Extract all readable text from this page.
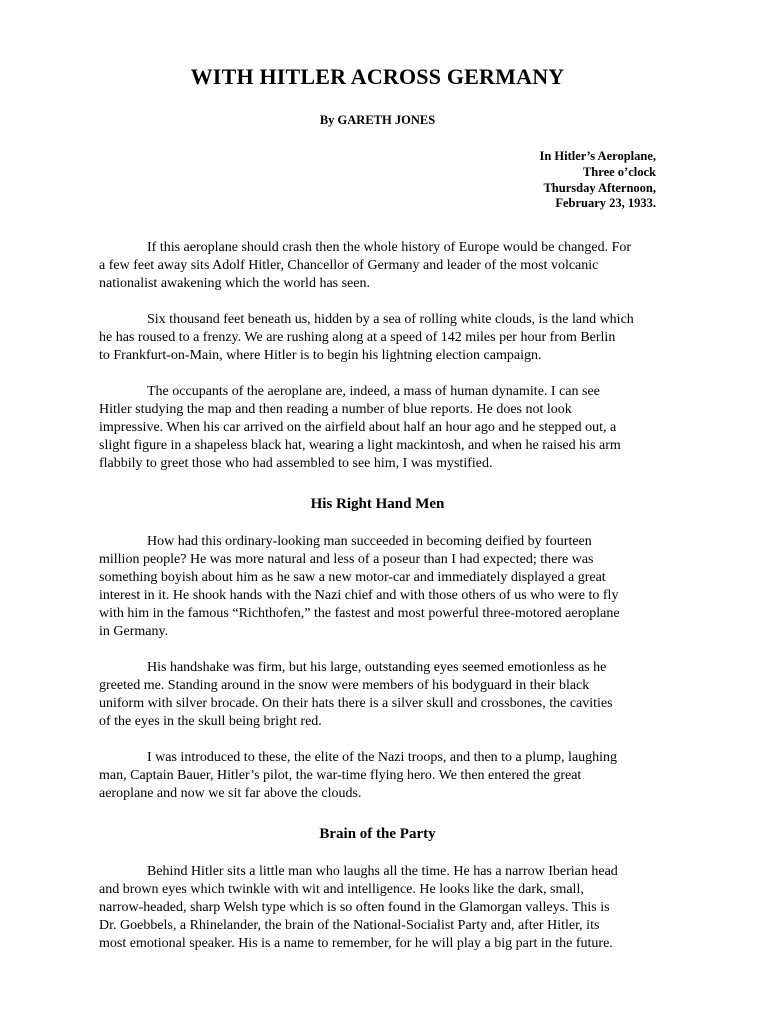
WITH HITLER ACROSS GERMANY
By GARETH JONES
In Hitler’s Aeroplane,
Three o’clock
Thursday Afternoon,
February 23, 1933.

If this aeroplane should crash then the whole history of Europe would be changed. For
a few feet away sits Adolf Hitler, Chancellor of Germany and leader of the most volcanic
nationalist awakening which the world has seen.

Six thousand feet beneath us, hidden by a sea of rolling white clouds, is the land which
he has roused to a frenzy. We are rushing along at a speed of 142 miles per hour from Berlin
to Frankfurt-on-Main, where Hitler is to begin his lightning election campaign.

The occupants of the aeroplane are, indeed, a mass of human dynamite. I can see
Hitler studying the map and then reading a number of blue reports. He does not look
impressive. When his car arrived on the airfield about half an hour ago and he stepped out, a
slight figure in a shapeless black hat, wearing a light mackintosh, and when he raised his arm
flabbily to greet those who had assembled to see him, I was mystified.

His Right Hand Men

How had this ordinary-looking man succeeded in becoming deified by fourteen
million people? He was more natural and less of a poseur than I had expected; there was
something boyish about him as he saw a new motor-car and immediately displayed a great
interest in it. He shook hands with the Nazi chief and with those others of us who were to fly
with him in the famous “Richthofen,” the fastest and most powerful three-motored aeroplane
in Germany.

His handshake was firm, but his large, outstanding eyes seemed emotionless as he
greeted me. Standing around in the snow were members of his bodyguard in their black
uniform with silver brocade. On their hats there is a silver skull and crossbones, the cavities
of the eyes in the skull being bright red.

I was introduced to these, the elite of the Nazi troops, and then to a plump, laughing
man, Captain Bauer, Hitler’s pilot, the war-time flying hero. We then entered the great
aeroplane and now we sit far above the clouds.

Brain of the Party

Behind Hitler sits a little man who laughs all the time. He has a narrow Iberian head
and brown eyes which twinkle with wit and intelligence. He looks like the dark, small,
narrow-headed, sharp Welsh type which is so often found in the Glamorgan valleys. This is
Dr. Goebbels, a Rhinelander, the brain of the National-Socialist Party and, after Hitler, its
most emotional speaker. His is a name to remember, for he will play a big part in the future.
